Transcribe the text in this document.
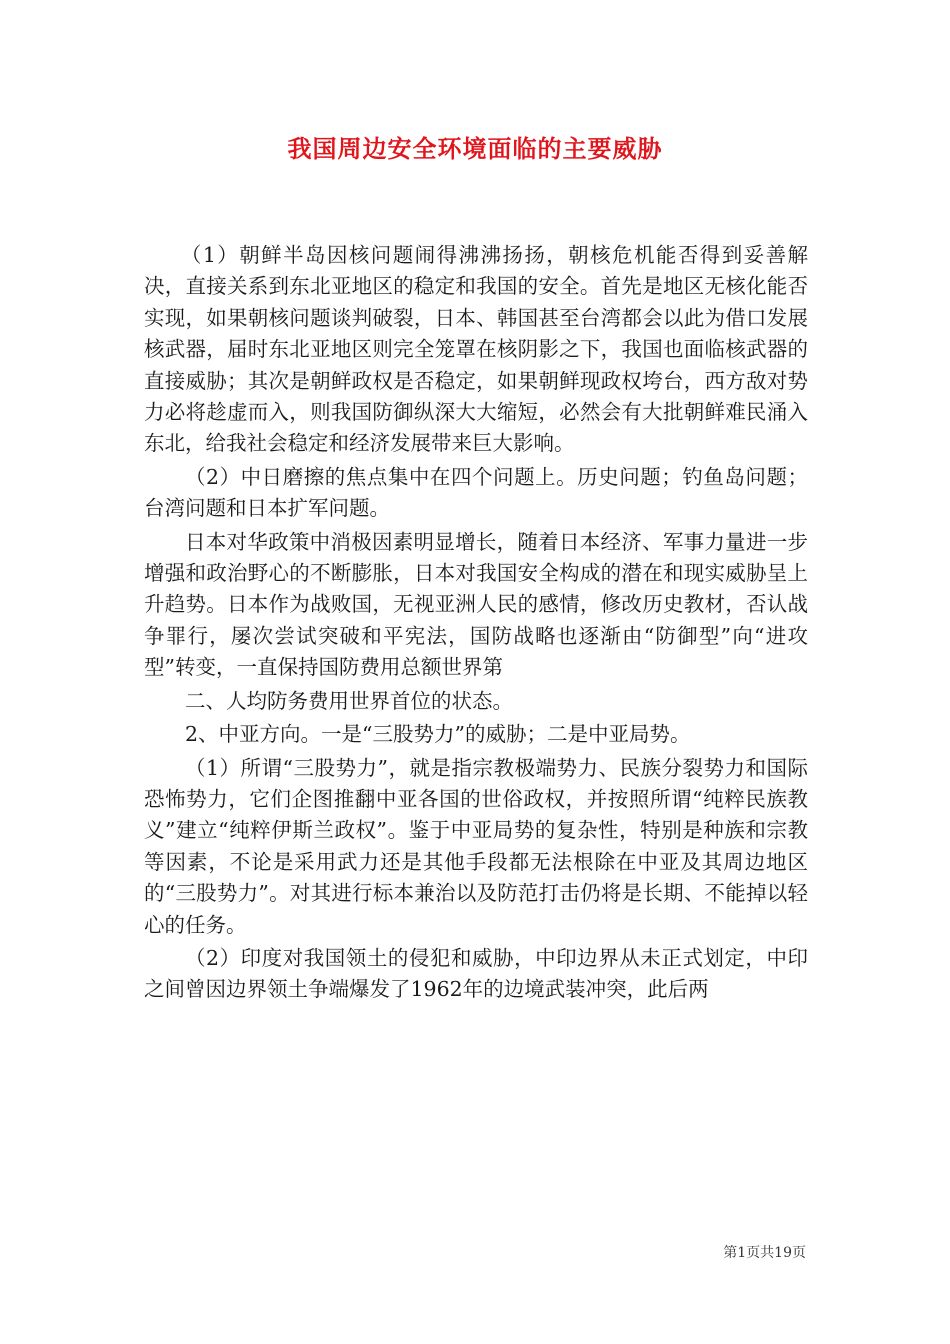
我国周边安全环境面临的主要威胁

（1）朝鲜半岛因核问题闹得沸沸扬扬，朝核危机能否得到妥善解决，直接关系到东北亚地区的稳定和我国的安全。首先是地区无核化能否实现，如果朝核问题谈判破裂，日本、韩国甚至台湾都会以此为借口发展核武器，届时东北亚地区则完全笼罩在核阴影之下，我国也面临核武器的直接威胁；其次是朝鲜政权是否稳定，如果朝鲜现政权垮台，西方敌对势力必将趁虚而入，则我国防御纵深大大缩短，必然会有大批朝鲜难民涌入东北，给我社会稳定和经济发展带来巨大影响。

（2）中日磨擦的焦点集中在四个问题上。历史问题；钓鱼岛问题；台湾问题和日本扩军问题。

日本对华政策中消极因素明显增长，随着日本经济、军事力量进一步增强和政治野心的不断膨胀，日本对我国安全构成的潜在和现实威胁呈上升趋势。日本作为战败国，无视亚洲人民的感情，修改历史教材，否认战争罪行，屡次尝试突破和平宪法，国防战略也逐渐由“防御型”向“进攻型”转变，一直保持国防费用总额世界第

二、人均防务费用世界首位的状态。

2、中亚方向。一是“三股势力”的威胁；二是中亚局势。

（1）所谓“三股势力”，就是指宗教极端势力、民族分裂势力和国际恐怖势力，它们企图推翻中亚各国的世俗政权，并按照所谓“纯粹民族教义”建立“纯粹伊斯兰政权”。鉴于中亚局势的复杂性，特别是种族和宗教等因素，不论是采用武力还是其他手段都无法根除在中亚及其周边地区的“三股势力”。对其进行标本兼治以及防范打击仍将是长期、不能掉以轻心的任务。

（2）印度对我国领土的侵犯和威胁，中印边界从未正式划定，中印之间曾因边界领土争端爆发了1962年的边境武装冲突，此后两

第1页共19页
